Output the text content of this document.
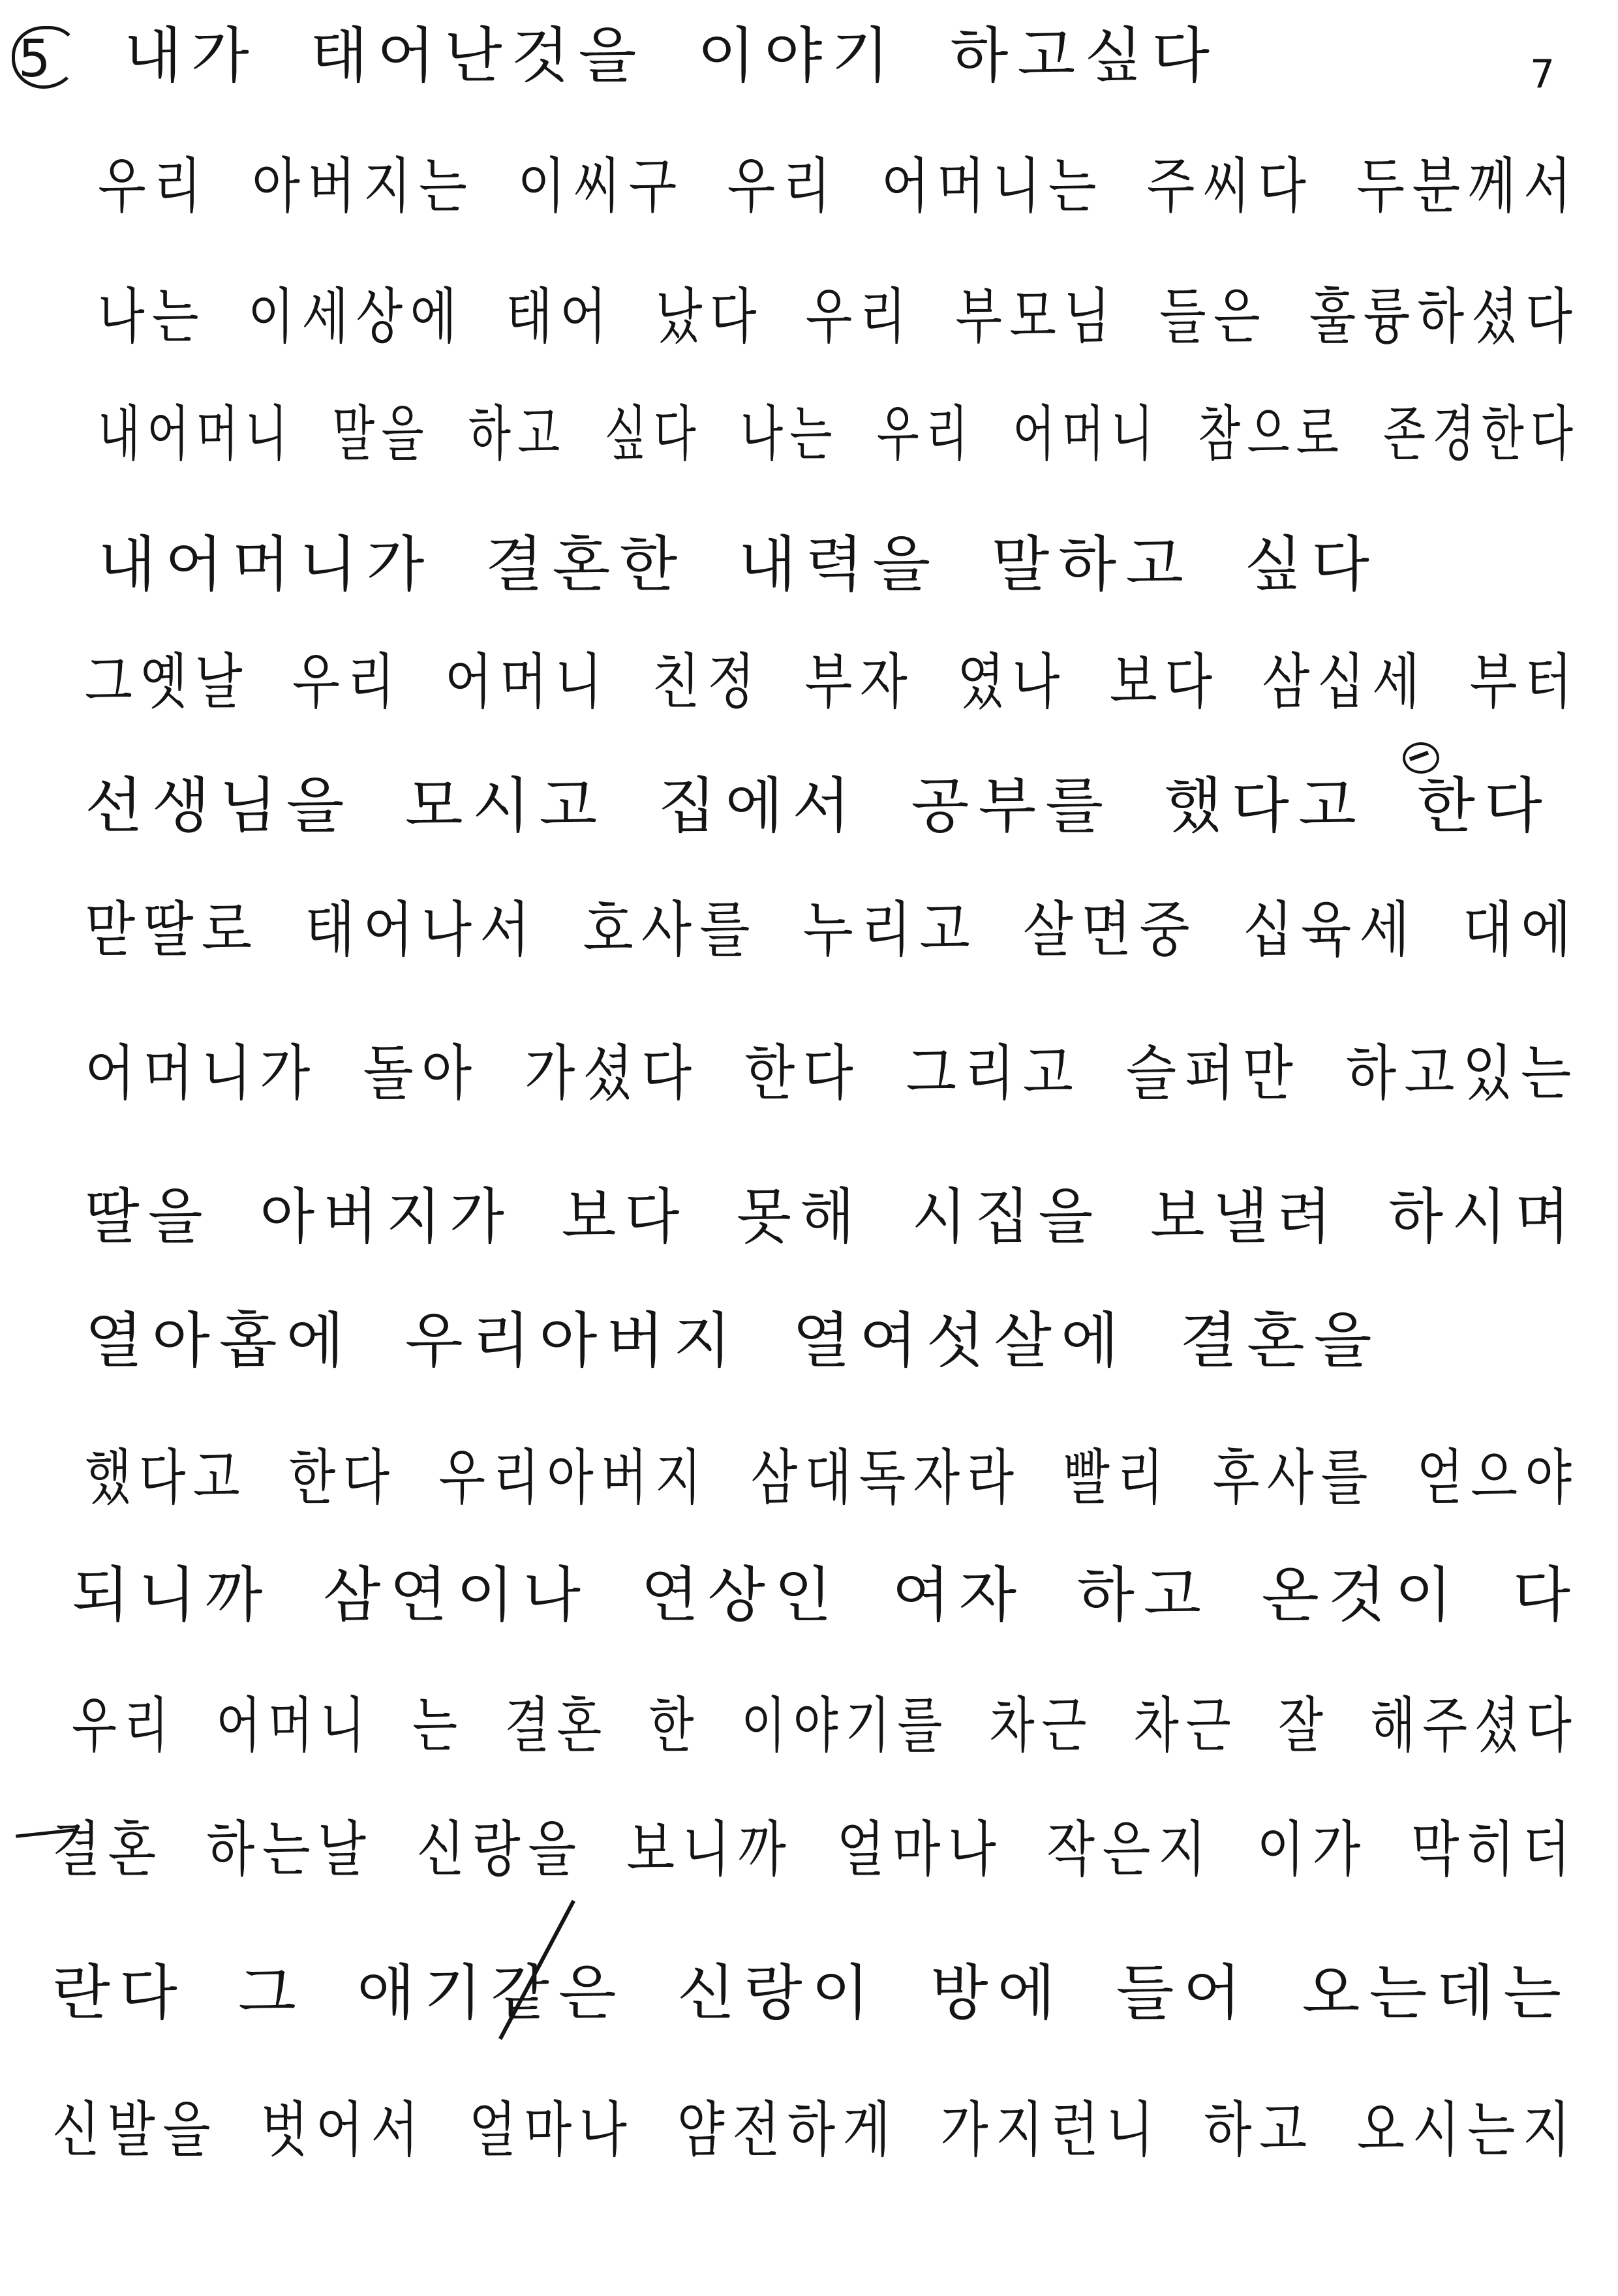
5	7
내가 태어난것을 이야기 하고싶다
우리 아버지는 이씨구 우리 어머니는 주씨다 두분께서
나는 이세상에 태어 났다 우리 부모님 들은 훌륭하셨다
내어머니 말을 하고 싶다 나는 우리 어머니 참으로 존경한다
내어머니가 결혼한 내력을 말하고 싶다
그옛날 우리 어머니 친정 부자 였나 보다 삼십세 부터
선생님을 모시고 집에서 공부를 했다고 한다
맏딸로 태어나서 호사를 누리고 살면중 십육세 대에
어머니가 돌아 가셨다 한다 그리고 슬퍼만 하고있는
딸을 아버지가 보다 못해 시집을 보낼려 하시며
열아홉에 우리아버지 열여섯살에 결혼을
했다고 한다 우리아버지 삼대독자라 빨리 후사를 얻으야
되니까 삼연이나 연상인 여자 하고 온것이 다
우리 어머니 는 결혼 한 이야기를 차근 차근 잘 해주셨다
결혼 하는날 신랑을 보니까 얼마나 작은지 이가 막히더
란다 그 애기같은 신랑이 방에 들어 오는데는
신발을 벗어서 얼마나 얌전하게 가지런니 하고 오시는지
